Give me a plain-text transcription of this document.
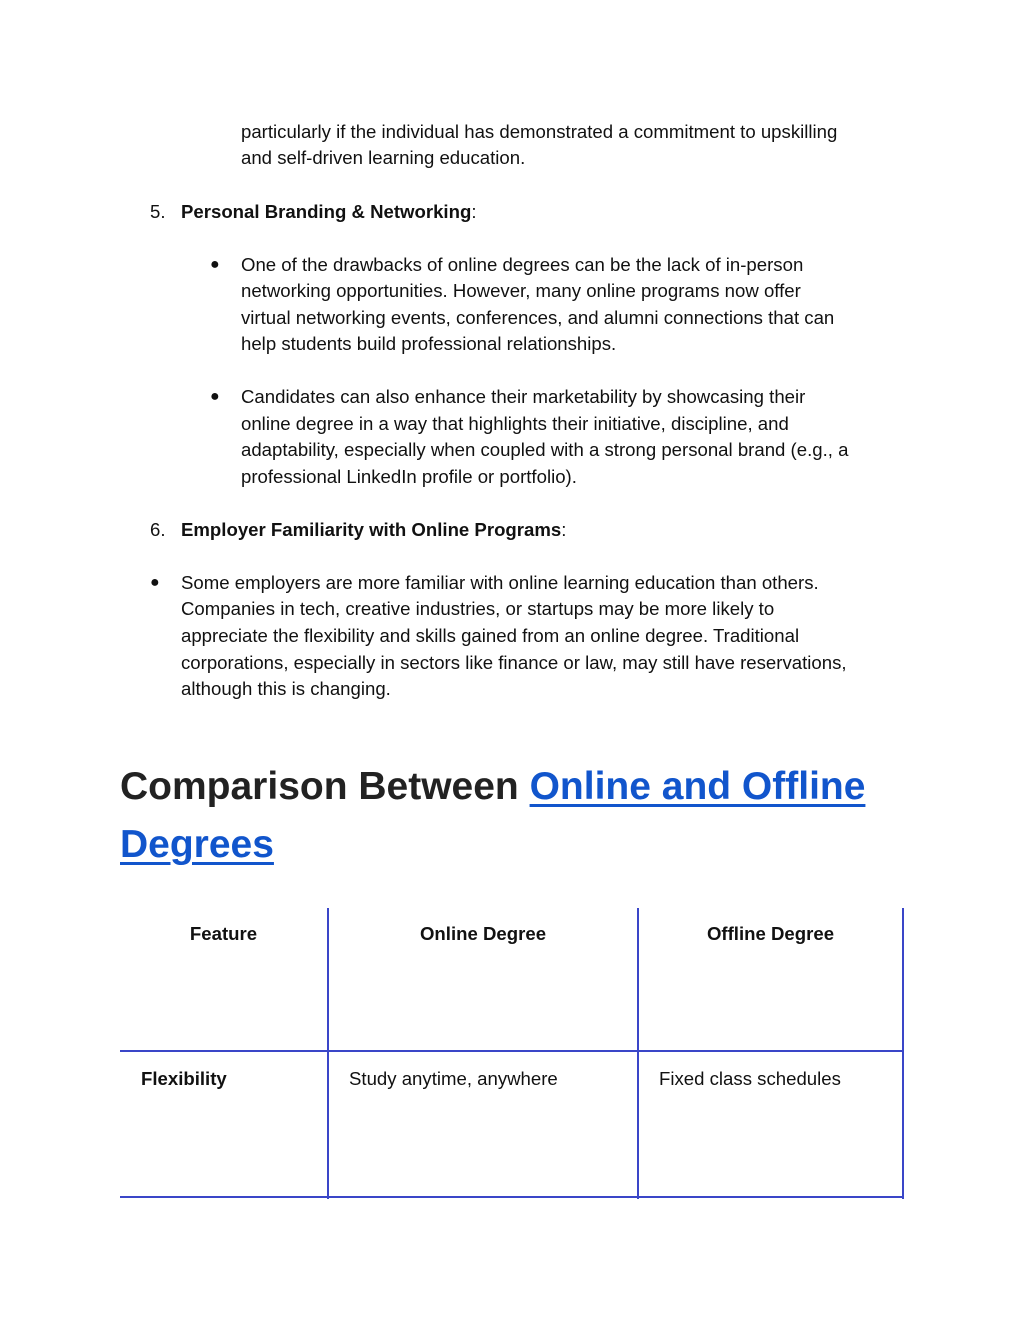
particularly if the individual has demonstrated a commitment to upskilling
and self-driven learning education.
5. Personal Branding & Networking:
● One of the drawbacks of online degrees can be the lack of in-person
networking opportunities. However, many online programs now offer
virtual networking events, conferences, and alumni connections that can
help students build professional relationships.
● Candidates can also enhance their marketability by showcasing their
online degree in a way that highlights their initiative, discipline, and
adaptability, especially when coupled with a strong personal brand (e.g., a
professional LinkedIn profile or portfolio).
6. Employer Familiarity with Online Programs:
● Some employers are more familiar with online learning education than others.
Companies in tech, creative industries, or startups may be more likely to
appreciate the flexibility and skills gained from an online degree. Traditional
corporations, especially in sectors like finance or law, may still have reservations,
although this is changing.
Comparison Between Online and Offline
Degrees
Feature	Online Degree	Offline Degree
Flexibility	Study anytime, anywhere	Fixed class schedules
